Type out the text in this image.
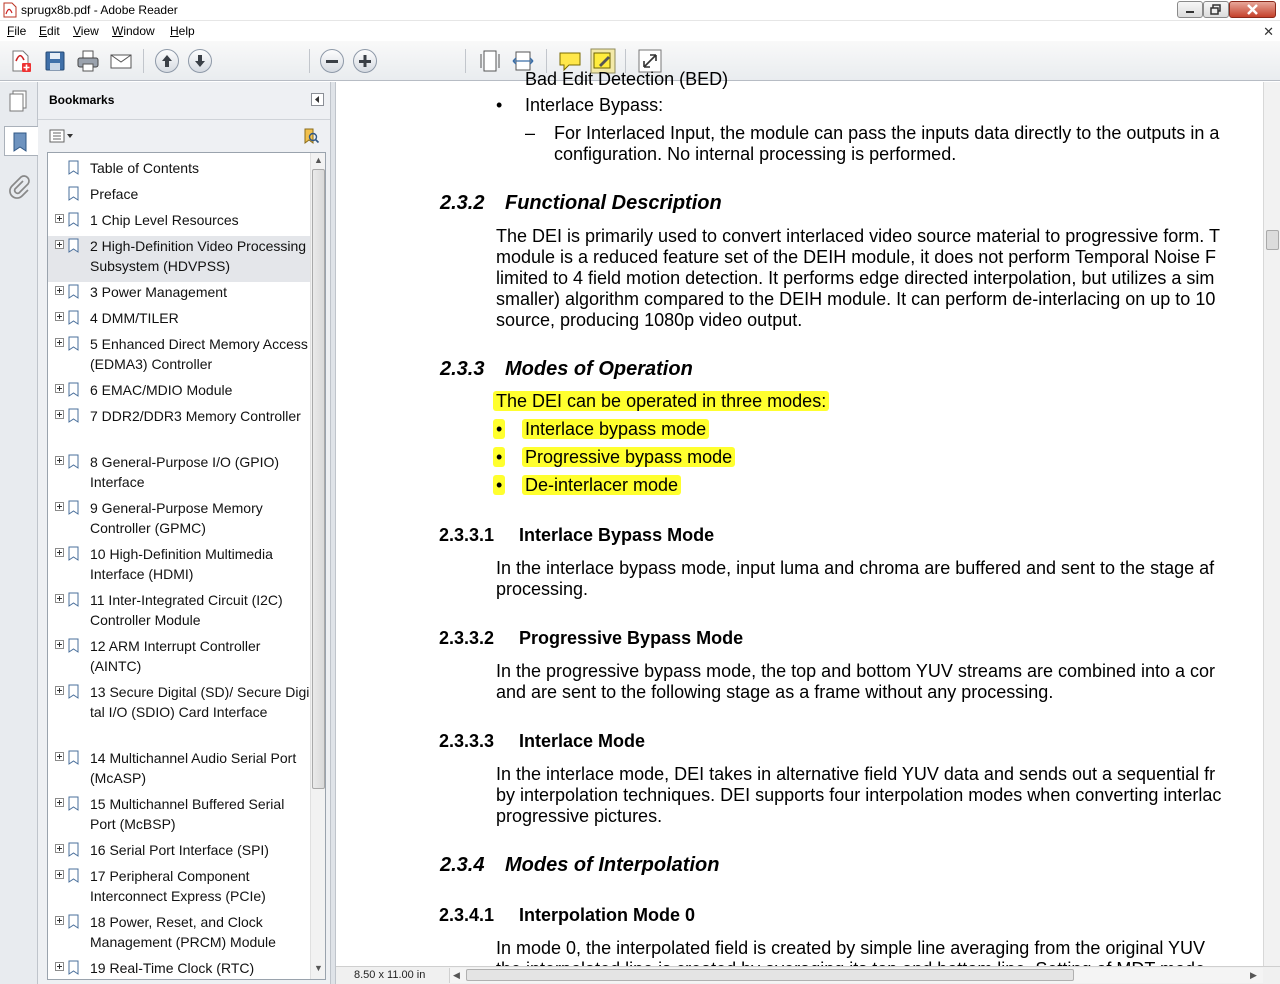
sprugx8b.pdf - Adobe Reader
File Edit View Window Help	✕
Bookmarks
Table of Contents
Preface
1 Chip Level Resources
2 High-Definition Video Processing Subsystem (HDVPSS)
3 Power Management
4 DMM/TILER
5 Enhanced Direct Memory Access (EDMA3) Controller
6 EMAC/MDIO Module
7 DDR2/DDR3 Memory Controller
8 General-Purpose I/O (GPIO) Interface
9 General-Purpose Memory Controller (GPMC)
10 High-Definition Multimedia Interface (HDMI)
11 Inter-Integrated Circuit (I2C) Controller Module
12 ARM Interrupt Controller (AINTC)
13 Secure Digital (SD)/ Secure Digital I/O (SDIO) Card Interface
14 Multichannel Audio Serial Port (McASP)
15 Multichannel Buffered Serial Port (McBSP)
16 Serial Port Interface (SPI)
17 Peripheral Component Interconnect Express (PCIe)
18 Power, Reset, and Clock Management (PRCM) Module
19 Real-Time Clock (RTC)
▲
▼
Bad Edit Detection (BED)
• Interlace Bypass:
– For Interlaced Input, the module can pass the inputs data directly to the outputs in a
configuration. No internal processing is performed.
2.3.2 Functional Description
The DEI is primarily used to convert interlaced video source material to progressive form. T
module is a reduced feature set of the DEIH module, it does not perform Temporal Noise F
limited to 4 field motion detection. It performs edge directed interpolation, but utilizes a sim
smaller) algorithm compared to the DEIH module. It can perform de-interlacing on up to 10
source, producing 1080p video output.
2.3.3 Modes of Operation
The DEI can be operated in three modes:
• Interlace bypass mode
• Progressive bypass mode
• De-interlacer mode
2.3.3.1 Interlace Bypass Mode
In the interlace bypass mode, input luma and chroma are buffered and sent to the stage af
processing.
2.3.3.2 Progressive Bypass Mode
In the progressive bypass mode, the top and bottom YUV streams are combined into a cor
and are sent to the following stage as a frame without any processing.
2.3.3.3 Interlace Mode
In the interlace mode, DEI takes in alternative field YUV data and sends out a sequential fr
by interpolation techniques. DEI supports four interpolation modes when converting interlac
progressive pictures.
2.3.4 Modes of Interpolation
2.3.4.1 Interpolation Mode 0
In mode 0, the interpolated field is created by simple line averaging from the original YUV
8.50 x 11.00 in	◀	▶
